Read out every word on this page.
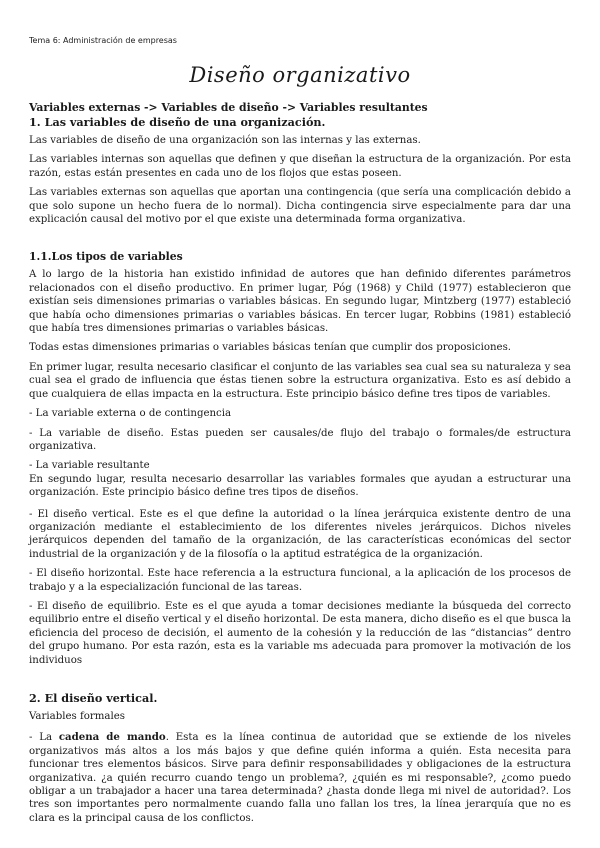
Tema 6: Administración de empresas
Diseño organizativo

Variables externas -> Variables de diseño -> Variables resultantes

1. Las variables de diseño de una organización.

Las variables de diseño de una organización son las internas y las externas.

Las variables internas son aquellas que definen y que diseñan la estructura de la organización. Por esta razón, estas están presentes en cada uno de los flojos que estas poseen.

Las variables externas son aquellas que aportan una contingencia (que sería una complicación debido a que solo supone un hecho fuera de lo normal). Dicha contingencia sirve especialmente para dar una explicación causal del motivo por el que existe una determinada forma organizativa.

1.1.Los tipos de variables

A lo largo de la historia han existido infinidad de autores que han definido diferentes parámetros relacionados con el diseño productivo. En primer lugar, Póg (1968) y Child (1977) establecieron que existían seis dimensiones primarias o variables básicas. En segundo lugar, Mintzberg (1977) estableció que había ocho dimensiones primarias o variables básicas. En tercer lugar, Robbins (1981) estableció que había tres dimensiones primarias o variables básicas.

Todas estas dimensiones primarias o variables básicas tenían que cumplir dos proposiciones.

En primer lugar, resulta necesario clasificar el conjunto de las variables sea cual sea su naturaleza y sea cual sea el grado de influencia que éstas tienen sobre la estructura organizativa. Esto es así debido a que cualquiera de ellas impacta en la estructura. Este principio básico define tres tipos de variables.

- La variable externa o de contingencia

- La variable de diseño. Estas pueden ser causales/de flujo del trabajo o formales/de estructura organizativa.

- La variable resultante

En segundo lugar, resulta necesario desarrollar las variables formales que ayudan a estructurar una organización. Este principio básico define tres tipos de diseños.

- El diseño vertical. Este es el que define la autoridad o la línea jerárquica existente dentro de una organización mediante el establecimiento de los diferentes niveles jerárquicos. Dichos niveles jerárquicos dependen del tamaño de la organización, de las características económicas del sector industrial de la organización y de la filosofía o la aptitud estratégica de la organización.

- El diseño horizontal. Este hace referencia a la estructura funcional, a la aplicación de los procesos de trabajo y a la especialización funcional de las tareas.

- El diseño de equilibrio. Este es el que ayuda a tomar decisiones mediante la búsqueda del correcto equilibrio entre el diseño vertical y el diseño horizontal. De esta manera, dicho diseño es el que busca la eficiencia del proceso de decisión, el aumento de la cohesión y la reducción de las “distancias” dentro del grupo humano. Por esta razón, esta es la variable ms adecuada para promover la motivación de los individuos

2. El diseño vertical.

Variables formales

- La cadena de mando. Esta es la línea continua de autoridad que se extiende de los niveles organizativos más altos a los más bajos y que define quién informa a quién. Esta necesita para funcionar tres elementos básicos. Sirve para definir responsabilidades y obligaciones de la estructura organizativa. ¿a quién recurro cuando tengo un problema?, ¿quién es mi responsable?, ¿como puedo obligar a un trabajador a hacer una tarea determinada? ¿hasta donde llega mi nivel de autoridad?. Los tres son importantes pero normalmente cuando falla uno fallan los tres, la línea jerarquía que no es clara es la principal causa de los conflictos.
